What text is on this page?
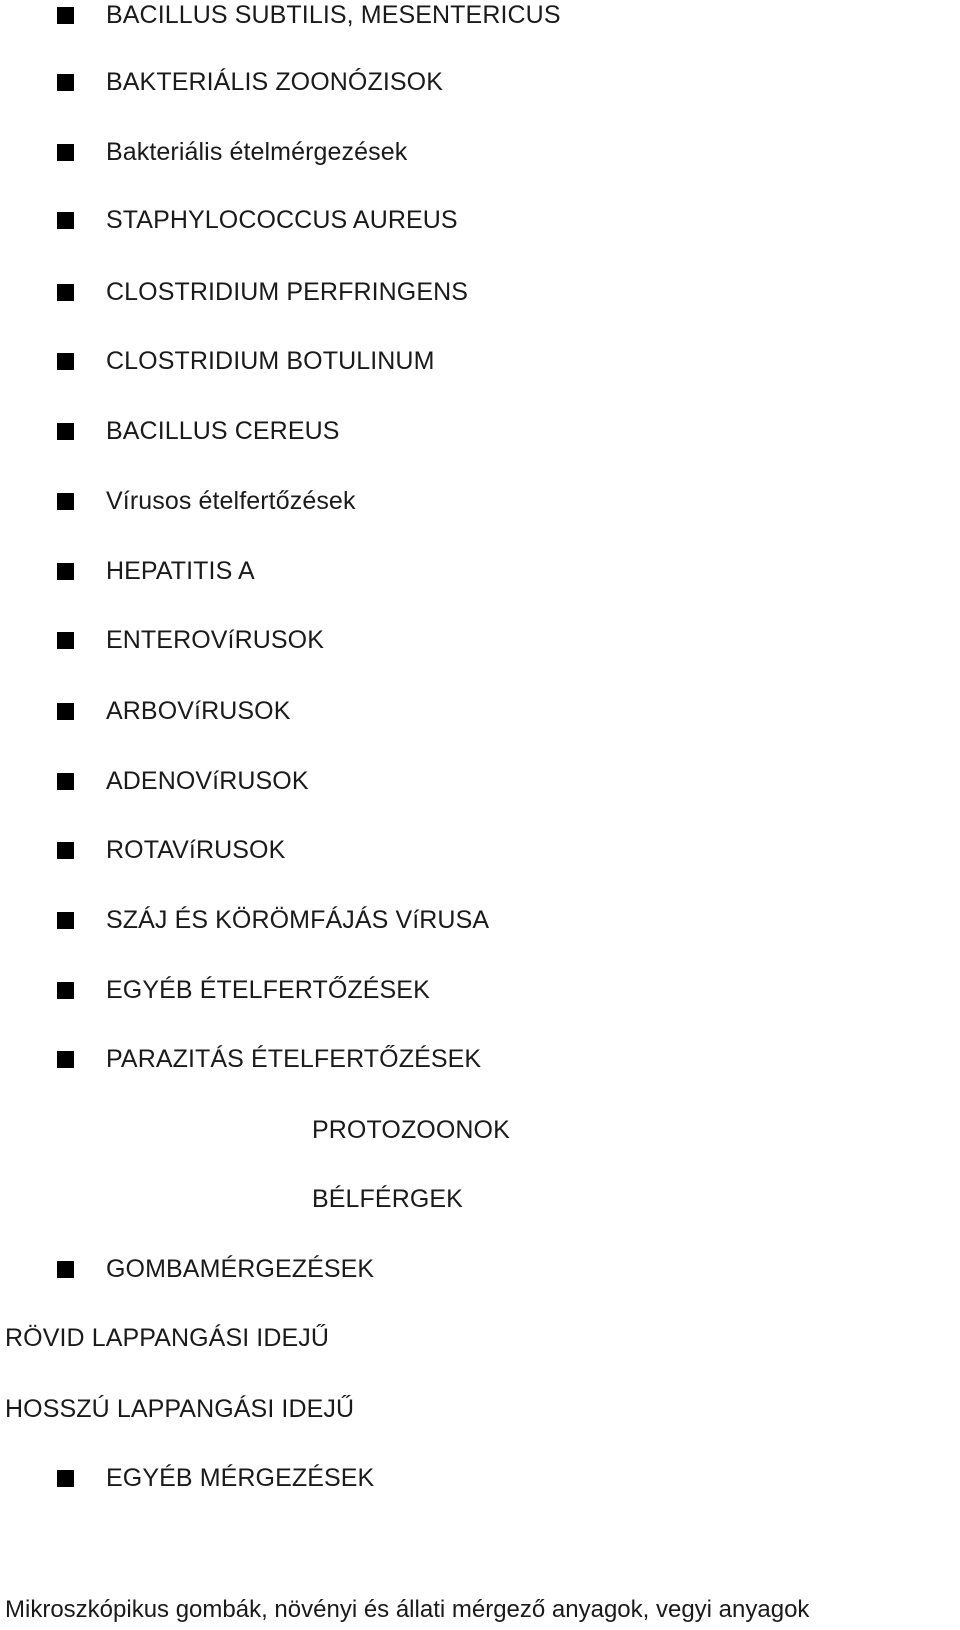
BACILLUS SUBTILIS, MESENTERICUS
BAKTERIÁLIS ZOONÓZISOK
Bakteriális ételmérgezések
STAPHYLOCOCCUS AUREUS
CLOSTRIDIUM PERFRINGENS
CLOSTRIDIUM BOTULINUM
BACILLUS CEREUS
Vírusos ételfertőzések
HEPATITIS A
ENTEROVíRUSOK
ARBOVíRUSOK
ADENOVíRUSOK
ROTAVíRUSOK
SZÁJ ÉS KÖRÖMFÁJÁS VíRUSA
EGYÉB ÉTELFERTŐZÉSEK
PARAZITÁS ÉTELFERTŐZÉSEK
PROTOZOONOK
BÉLFÉRGEK
GOMBAMÉRGEZÉSEK
RÖVID LAPPANGÁSI IDEJŰ
HOSSZÚ LAPPANGÁSI IDEJŰ
EGYÉB MÉRGEZÉSEK
Mikroszkópikus gombák, növényi és állati mérgező anyagok, vegyi anyagok
